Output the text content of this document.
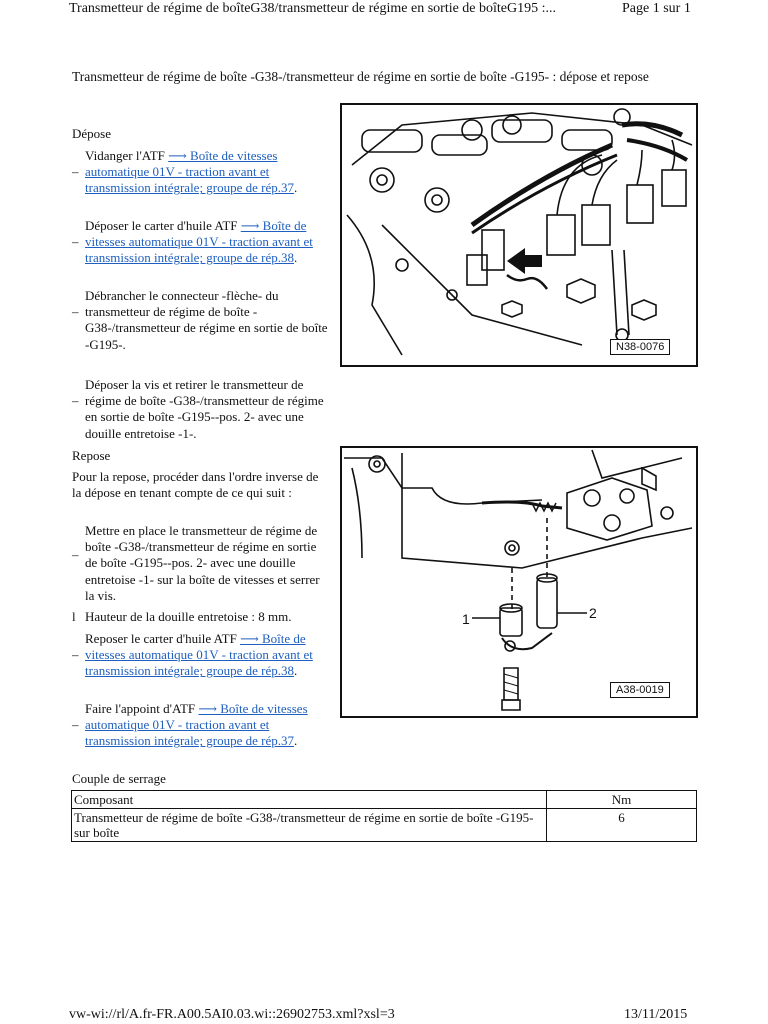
Transmetteur de régime de boîteG38/transmetteur de régime en sortie de boîteG195 :...	Page 1 sur 1
Transmetteur de régime de boîte -G38-/transmetteur de régime en sortie de boîte -G195- : dépose et repose
Dépose
–
Vidanger l'ATF ⟶ Boîte de vitesses automatique 01V - traction avant et transmission intégrale; groupe de rép.37.
–
Déposer le carter d'huile ATF ⟶ Boîte de vitesses automatique 01V - traction avant et transmission intégrale; groupe de rép.38.
–
Débrancher le connecteur -flèche- du transmetteur de régime de boîte -G38-/transmetteur de régime en sortie de boîte -G195-.
–
Déposer la vis et retirer le transmetteur de régime de boîte -G38-/transmetteur de régime en sortie de boîte -G195--pos. 2- avec une douille entretoise -1-.
Repose
Pour la repose, procéder dans l'ordre inverse de la dépose en tenant compte de ce qui suit :
–
Mettre en place le transmetteur de régime de boîte -G38-/transmetteur de régime en sortie de boîte -G195--pos. 2- avec une douille entretoise -1- sur la boîte de vitesses et serrer la vis.
l Hauteur de la douille entretoise : 8 mm.
–
Reposer le carter d'huile ATF ⟶ Boîte de vitesses automatique 01V - traction avant et transmission intégrale; groupe de rép.38.
–
Faire l'appoint d'ATF ⟶ Boîte de vitesses automatique 01V - traction avant et transmission intégrale; groupe de rép.37.
N38-0076
1	2
A38-0019
Couple de serrage
Composant	Nm
Transmetteur de régime de boîte -G38-/transmetteur de régime en sortie de boîte -G195- sur boîte	6
vw-wi://rl/A.fr-FR.A00.5AI0.03.wi::26902753.xml?xsl=3	13/11/2015
